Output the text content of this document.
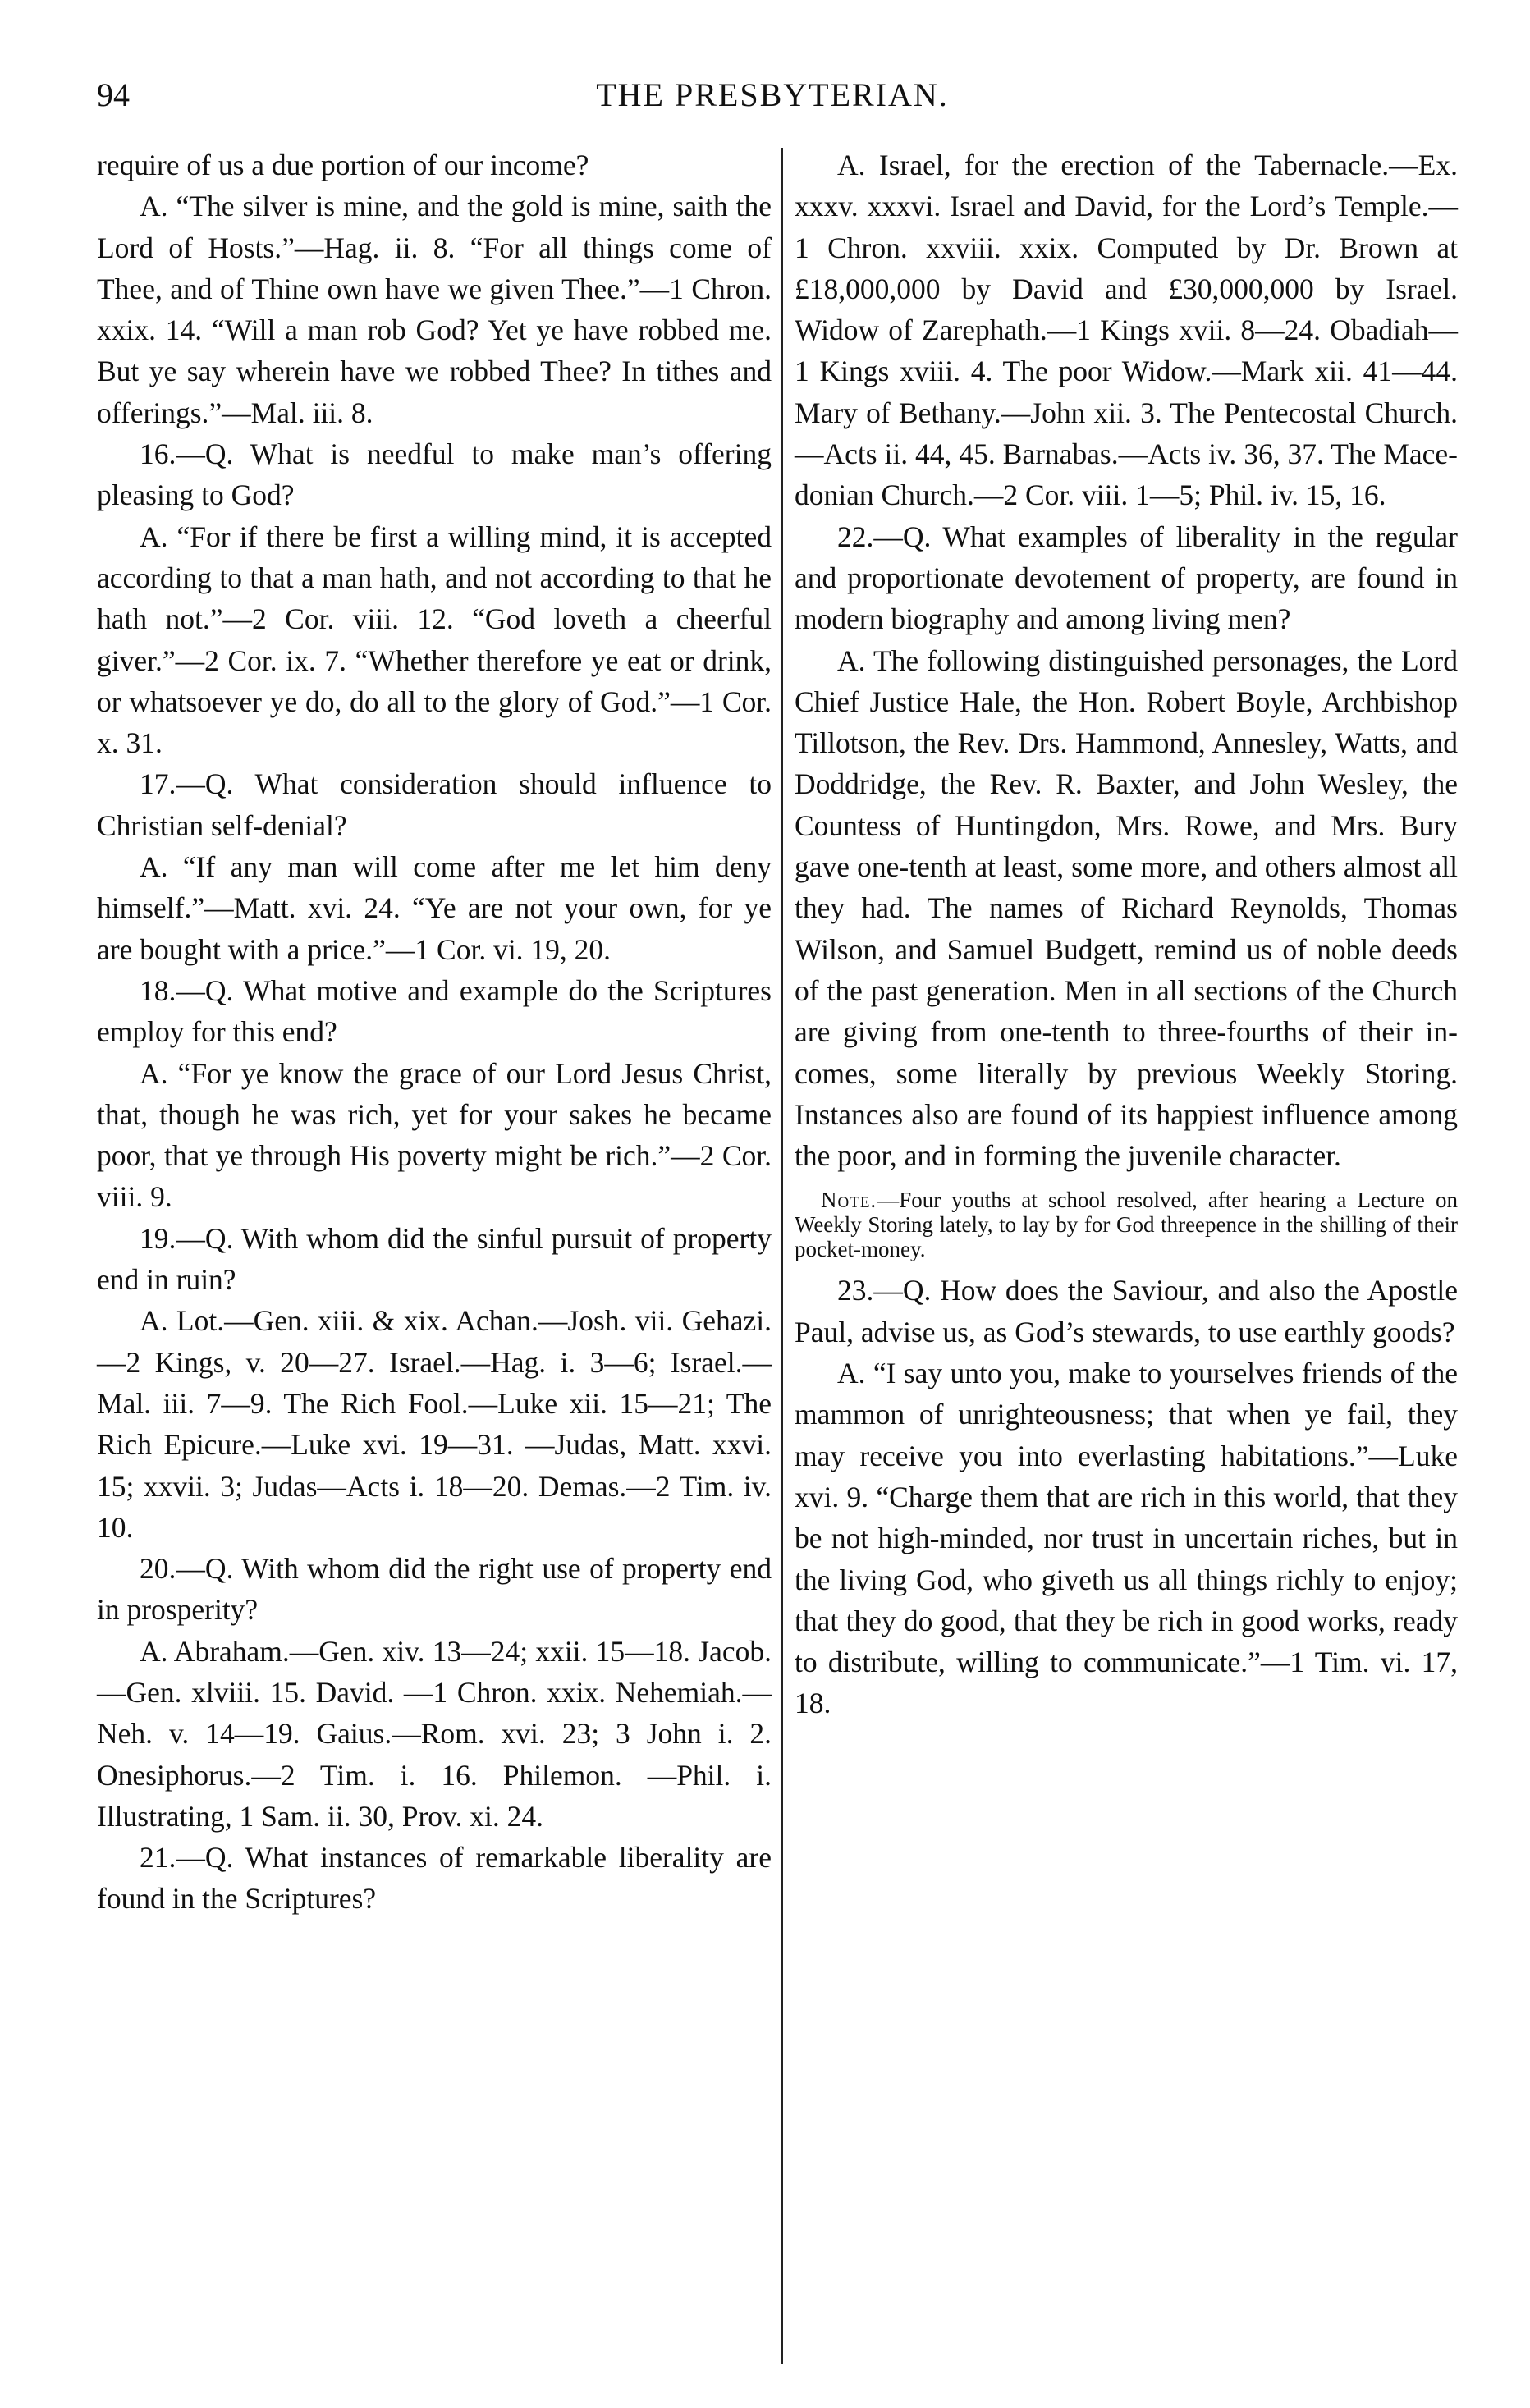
94	THE PRESBYTERIAN.

require of us a due portion of our income?

A. “The silver is mine, and the gold is mine, saith the Lord of Hosts.”—Hag. ii. 8. “For all things come of Thee, and of Thine own have we given Thee.”—1 Chron. xxix. 14. “Will a man rob God? Yet ye have robbed me. But ye say wherein have we robbed Thee? In tithes and offerings.”—Mal. iii. 8.

16.—Q. What is needful to make man’s offering pleasing to God?

A. “For if there be first a willing mind, it is accepted according to that a man hath, and not according to that he hath not.”—2 Cor. viii. 12. “God loveth a cheerful giver.”—2 Cor. ix. 7. “Whether therefore ye eat or drink, or whatsoever ye do, do all to the glory of God.”—1 Cor. x. 31.

17.—Q. What consideration should influence to Christian self-denial?

A. “If any man will come after me let him deny himself.”—Matt. xvi. 24. “Ye are not your own, for ye are bought with a price.”—1 Cor. vi. 19, 20.

18.—Q. What motive and example do the Scriptures employ for this end?

A. “For ye know the grace of our Lord Jesus Christ, that, though he was rich, yet for your sakes he became poor, that ye through His poverty might be rich.”—2 Cor. viii. 9.

19.—Q. With whom did the sinful pursuit of property end in ruin?

A. Lot.—Gen. xiii. & xix. Achan.—Josh. vii. Gehazi.—2 Kings, v. 20—27. Israel.—Hag. i. 3—6; Israel.—Mal. iii. 7—9. The Rich Fool.—Luke xii. 15—21; The Rich Epicure.—Luke xvi. 19—31. —Judas, Matt. xxvi. 15; xxvii. 3; Judas—Acts i. 18—20. Demas.—2 Tim. iv. 10.

20.—Q. With whom did the right use of property end in prosperity?

A. Abraham.—Gen. xiv. 13—24; xxii. 15—18. Jacob.—Gen. xlviii. 15. David. —1 Chron. xxix. Nehemiah.—Neh. v. 14—19. Gaius.—Rom. xvi. 23; 3 John i. 2. Onesiphorus.—2 Tim. i. 16. Philemon. —Phil. i. Illustrating, 1 Sam. ii. 30, Prov. xi. 24.

21.—Q. What instances of remarkable liberality are found in the Scriptures?

A. Israel, for the erection of the Tabernacle.—Ex. xxxv. xxxvi. Israel and David, for the Lord’s Temple.—1 Chron. xxviii. xxix. Computed by Dr. Brown at £18,000,000 by David and £30,000,000 by Israel. Widow of Zarephath.—1 Kings xvii. 8—24. Obadiah—1 Kings xviii. 4. The poor Widow.—Mark xii. 41—44. Mary of Bethany.—John xii. 3. The Pentecostal Church.—Acts ii. 44, 45. Barnabas.—Acts iv. 36, 37. The Macedonian Church.—2 Cor. viii. 1—5; Phil. iv. 15, 16.

22.—Q. What examples of liberality in the regular and proportionate devotement of property, are found in modern biography and among living men?

A. The following distinguished personages, the Lord Chief Justice Hale, the Hon. Robert Boyle, Archbishop Tillotson, the Rev. Drs. Hammond, Annesley, Watts, and Doddridge, the Rev. R. Baxter, and John Wesley, the Countess of Huntingdon, Mrs. Rowe, and Mrs. Bury gave one-tenth at least, some more, and others almost all they had. The names of Richard Reynolds, Thomas Wilson, and Samuel Budgett, remind us of noble deeds of the past generation. Men in all sections of the Church are giving from one-tenth to three-fourths of their incomes, some literally by previous Weekly Storing. Instances also are found of its happiest influence among the poor, and in forming the juvenile character.

Note.—Four youths at school resolved, after hearing a Lecture on Weekly Storing lately, to lay by for God threepence in the shilling of their pocket-money.

23.—Q. How does the Saviour, and also the Apostle Paul, advise us, as God’s stewards, to use earthly goods?

A. “I say unto you, make to yourselves friends of the mammon of unrighteousness; that when ye fail, they may receive you into everlasting habitations.”—Luke xvi. 9. “Charge them that are rich in this world, that they be not high-minded, nor trust in uncertain riches, but in the living God, who giveth us all things richly to enjoy; that they do good, that they be rich in good works, ready to distribute, willing to communicate.”—1 Tim. vi. 17, 18.
